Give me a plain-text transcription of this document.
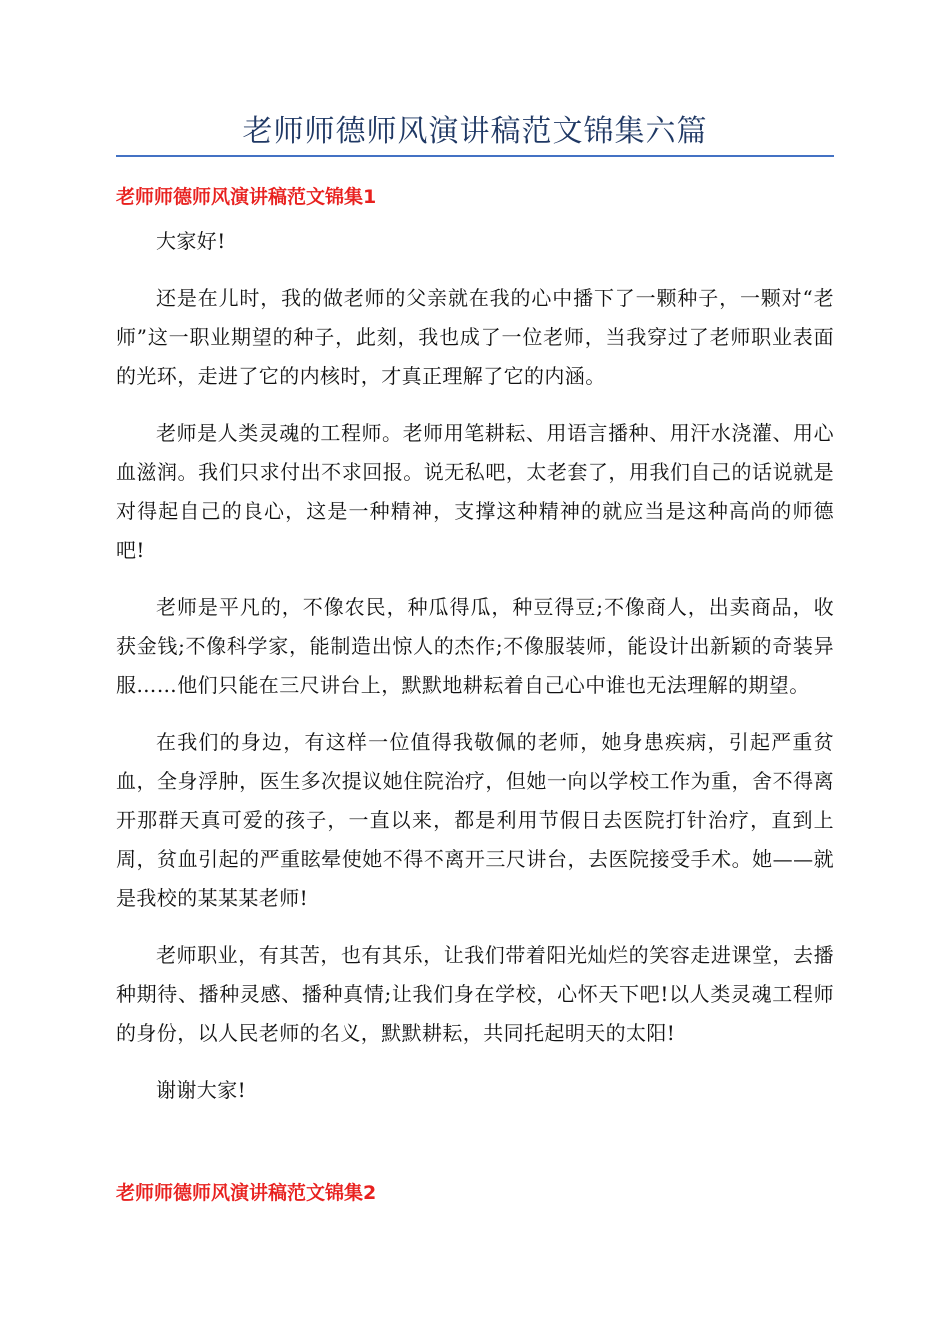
老师师德师风演讲稿范文锦集六篇
老师师德师风演讲稿范文锦集1

大家好!

还是在儿时，我的做老师的父亲就在我的心中播下了一颗种子，一颗对“老师”这一职业期望的种子，此刻，我也成了一位老师，当我穿过了老师职业表面的光环，走进了它的内核时，才真正理解了它的内涵。

老师是人类灵魂的工程师。老师用笔耕耘、用语言播种、用汗水浇灌、用心血滋润。我们只求付出不求回报。说无私吧，太老套了，用我们自己的话说就是对得起自己的良心，这是一种精神，支撑这种精神的就应当是这种高尚的师德吧!

老师是平凡的，不像农民，种瓜得瓜，种豆得豆;不像商人，出卖商品，收获金钱;不像科学家，能制造出惊人的杰作;不像服装师，能设计出新颖的奇装异服……他们只能在三尺讲台上，默默地耕耘着自己心中谁也无法理解的期望。

在我们的身边，有这样一位值得我敬佩的老师，她身患疾病，引起严重贫血，全身浮肿，医生多次提议她住院治疗，但她一向以学校工作为重，舍不得离开那群天真可爱的孩子，一直以来，都是利用节假日去医院打针治疗，直到上周，贫血引起的严重眩晕使她不得不离开三尺讲台，去医院接受手术。她——就是我校的某某某老师!

老师职业，有其苦，也有其乐，让我们带着阳光灿烂的笑容走进课堂，去播种期待、播种灵感、播种真情;让我们身在学校，心怀天下吧!以人类灵魂工程师的身份，以人民老师的名义，默默耕耘，共同托起明天的太阳!

谢谢大家!

老师师德师风演讲稿范文锦集2
